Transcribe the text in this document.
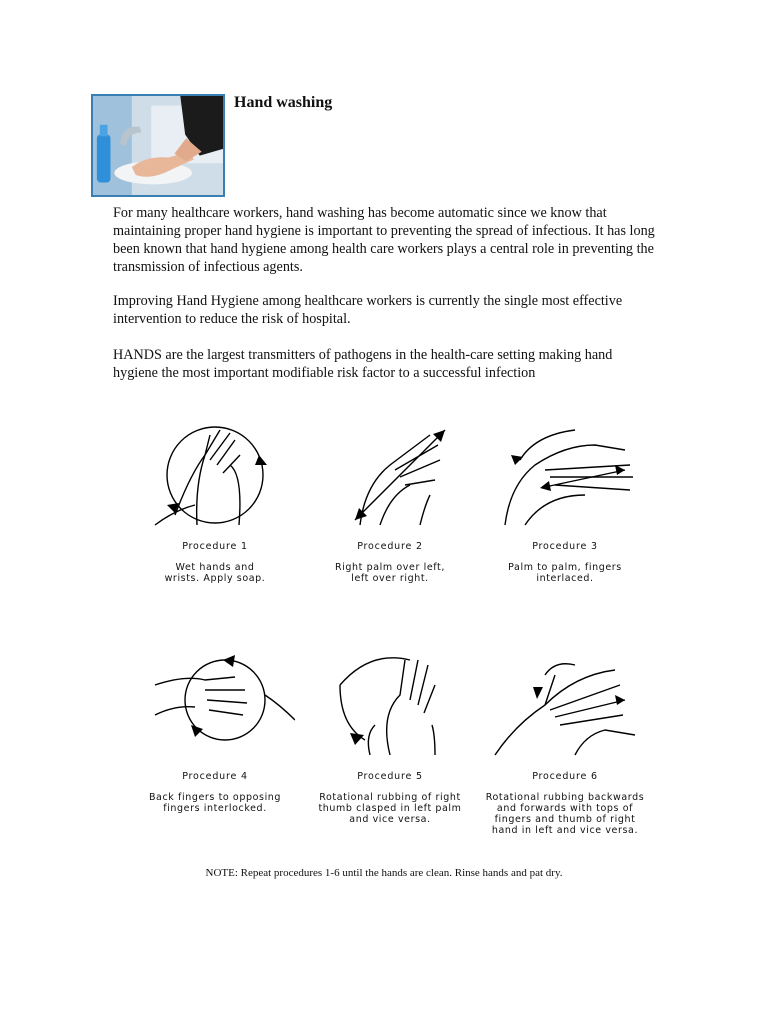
Hand washing

For many healthcare workers, hand washing has become automatic since we know that maintaining proper hand hygiene is important to preventing the spread of infectious. It has long been known that hand hygiene among health care workers plays a central role in preventing the transmission of infectious agents.

Improving Hand Hygiene among healthcare workers is currently the single most effective intervention to reduce the risk of hospital.

HANDS are the largest transmitters of pathogens in the health-care setting making hand hygiene the most important modifiable risk factor to a successful infection

Procedure 1
Wet hands and
wrists. Apply soap.
Procedure 2
Right palm over left,
left over right.
Procedure 3
Palm to palm, fingers
interlaced.
Procedure 4
Back fingers to opposing
fingers interlocked.
Procedure 5
Rotational rubbing of right
thumb clasped in left palm
and vice versa.
Procedure 6
Rotational rubbing backwards
and forwards with tops of
fingers and thumb of right
hand in left and vice versa.
NOTE: Repeat procedures 1-6 until the hands are clean. Rinse hands and pat dry.
